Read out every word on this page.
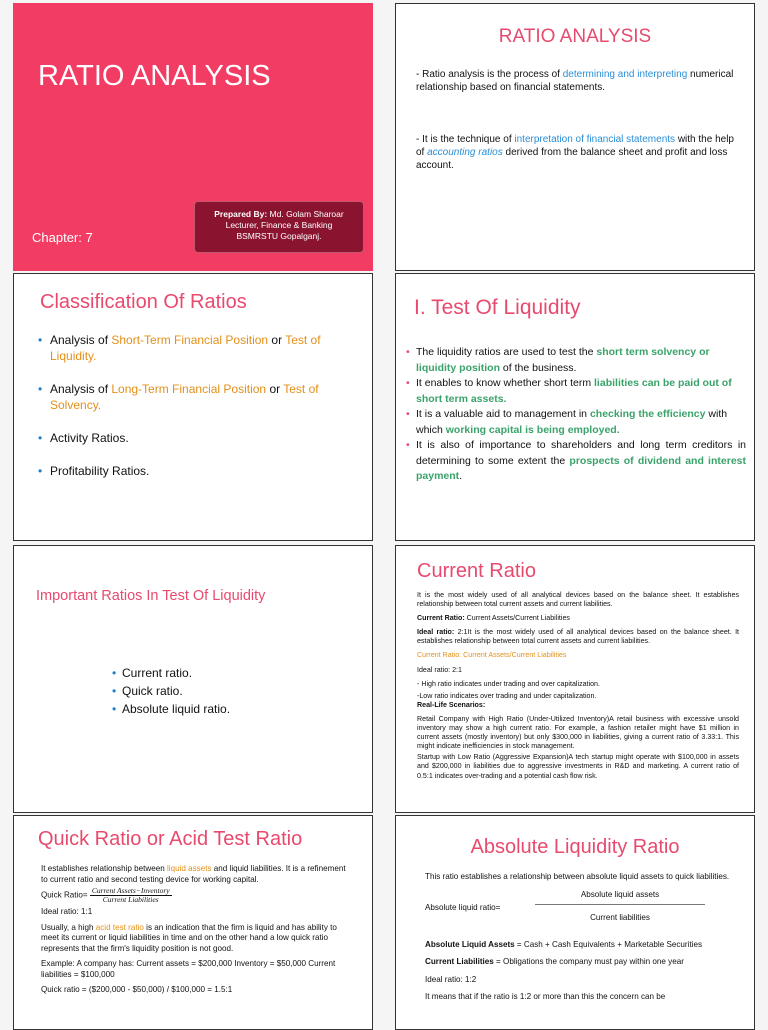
RATIO ANALYSIS
Chapter: 7
Prepared By: Md. Golam Sharoar
Lecturer, Finance & Banking
BSMRSTU Gopalganj.
RATIO ANALYSIS
- Ratio analysis is the process of determining and interpreting numerical relationship based on financial statements.
- It is the technique of interpretation of financial statements with the help of accounting ratios derived from the balance sheet and profit and loss account.
Classification Of Ratios
• Analysis of Short-Term Financial Position or Test of Liquidity.
• Analysis of Long-Term Financial Position or Test of Solvency.
• Activity Ratios.
• Profitability Ratios.
I. Test Of Liquidity
• The liquidity ratios are used to test the short term solvency or liquidity position of the business.
• It enables to know whether short term liabilities can be paid out of short term assets.
• It is a valuable aid to management in checking the efficiency with which working capital is being employed.
• It is also of importance to shareholders and long term creditors in determining to some extent the prospects of dividend and interest payment.
Important Ratios In Test Of Liquidity
• Current ratio.
• Quick ratio.
• Absolute liquid ratio.
Current Ratio

It is the most widely used of all analytical devices based on the balance sheet. It establishes relationship between total current assets and current liabilities.

Current Ratio: Current Assets/Current Liabilities

Ideal ratio: 2:1It is the most widely used of all analytical devices based on the balance sheet. It establishes relationship between total current assets and current liabilities.

Current Ratio: Current Assets/Current Liabilities

Ideal ratio: 2:1

- High ratio indicates under trading and over capitalization.

-Low ratio indicates over trading and under capitalization.

Real-Life Scenarios:

Retail Company with High Ratio (Under-Utilized Inventory)A retail business with excessive unsold inventory may show a high current ratio. For example, a fashion retailer might have $1 million in current assets (mostly inventory) but only $300,000 in liabilities, giving a current ratio of 3.33:1. This might indicate inefficiencies in stock management.

Startup with Low Ratio (Aggressive Expansion)A tech startup might operate with $100,000 in assets and $200,000 in liabilities due to aggressive investments in R&D and marketing. A current ratio of 0.5:1 indicates over-trading and a potential cash flow risk.

Quick Ratio or Acid Test Ratio

It establishes relationship between liquid assets and liquid liabilities. It is a refinement to current ratio and second testing device for working capital.

Quick Ratio= $\frac{\text{Current Assets−Inventory}}{\text{Current Liabilities}}$

Ideal ratio: 1:1

Usually, a high acid test ratio is an indication that the firm is liquid and has ability to meet its current or liquid liabilities in time and on the other hand a low quick ratio represents that the firm's liquidity position is not good.

Example: A company has: Current assets = $200,000 Inventory = $50,000 Current liabilities = $100,000

Quick ratio = ($200,000 - $50,000) / $100,000 = 1.5:1

Absolute Liquidity Ratio

This ratio establishes a relationship between absolute liquid assets to quick liabilities.

Absolute liquid ratio=
Absolute liquid assets
Current liabilities

Absolute Liquid Assets = Cash + Cash Equivalents + Marketable Securities

Current Liabilities = Obligations the company must pay within one year

Ideal ratio: 1:2

It means that if the ratio is 1:2 or more than this the concern can be
